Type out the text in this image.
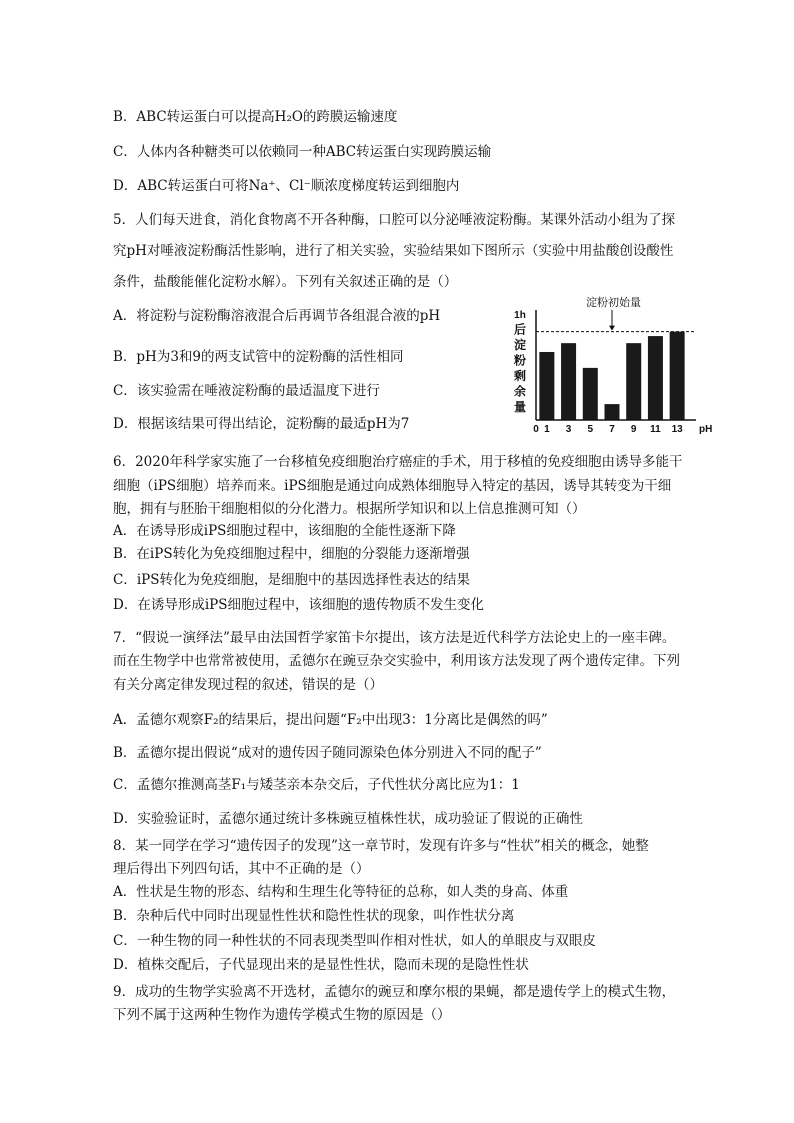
B．ABC转运蛋白可以提高H₂O的跨膜运输速度
C．人体内各种糖类可以依赖同一种ABC转运蛋白实现跨膜运输
D．ABC转运蛋白可将Na⁺、Cl⁻顺浓度梯度转运到细胞内
5．人们每天进食，消化食物离不开各种酶，口腔可以分泌唾液淀粉酶。某课外活动小组为了探
究pH对唾液淀粉酶活性影响，进行了相关实验，实验结果如下图所示（实验中用盐酸创设酸性
条件，盐酸能催化淀粉水解）。下列有关叙述正确的是（）
A．将淀粉与淀粉酶溶液混合后再调节各组混合液的pH
B．pH为3和9的两支试管中的淀粉酶的活性相同
C．该实验需在唾液淀粉酶的最适温度下进行
D．根据该结果可得出结论，淀粉酶的最适pH为7
6．2020年科学家实施了一台移植免疫细胞治疗癌症的手术，用于移植的免疫细胞由诱导多能干
细胞（iPS细胞）培养而来。iPS细胞是通过向成熟体细胞导入特定的基因，诱导其转变为干细
胞，拥有与胚胎干细胞相似的分化潜力。根据所学知识和以上信息推测可知（）
A．在诱导形成iPS细胞过程中，该细胞的全能性逐渐下降
B．在iPS转化为免疫细胞过程中，细胞的分裂能力逐渐增强
C．iPS转化为免疫细胞，是细胞中的基因选择性表达的结果
D．在诱导形成iPS细胞过程中，该细胞的遗传物质不发生变化
7．“假说一演绎法”最早由法国哲学家笛卡尔提出，该方法是近代科学方法论史上的一座丰碑。
而在生物学中也常常被使用，孟德尔在豌豆杂交实验中，利用该方法发现了两个遗传定律。下列
有关分离定律发现过程的叙述，错误的是（）
A．孟德尔观察F₂的结果后，提出问题“F₂中出现3：1分离比是偶然的吗”
B．孟德尔提出假说“成对的遗传因子随同源染色体分别进入不同的配子”
C．孟德尔推测高茎F₁与矮茎亲本杂交后，子代性状分离比应为1：1
D．实验验证时，孟德尔通过统计多株豌豆植株性状，成功验证了假说的正确性
8．某一同学在学习“遗传因子的发现”这一章节时，发现有许多与“性状”相关的概念，她整
理后得出下列四句话，其中不正确的是（）
A．性状是生物的形态、结构和生理生化等特征的总称，如人类的身高、体重
B．杂种后代中同时出现显性性状和隐性性状的现象，叫作性状分离
C．一种生物的同一种性状的不同表现类型叫作相对性状，如人的单眼皮与双眼皮
D．植株交配后，子代显现出来的是显性性状，隐而未现的是隐性性状
9．成功的生物学实验离不开选材，孟德尔的豌豆和摩尔根的果蝇，都是遗传学上的模式生物，
下列不属于这两种生物作为遗传学模式生物的原因是（）
1h
后
淀
粉
剩
余
量
0 1 3 5 7 9 11 13 pH
淀粉初始量
